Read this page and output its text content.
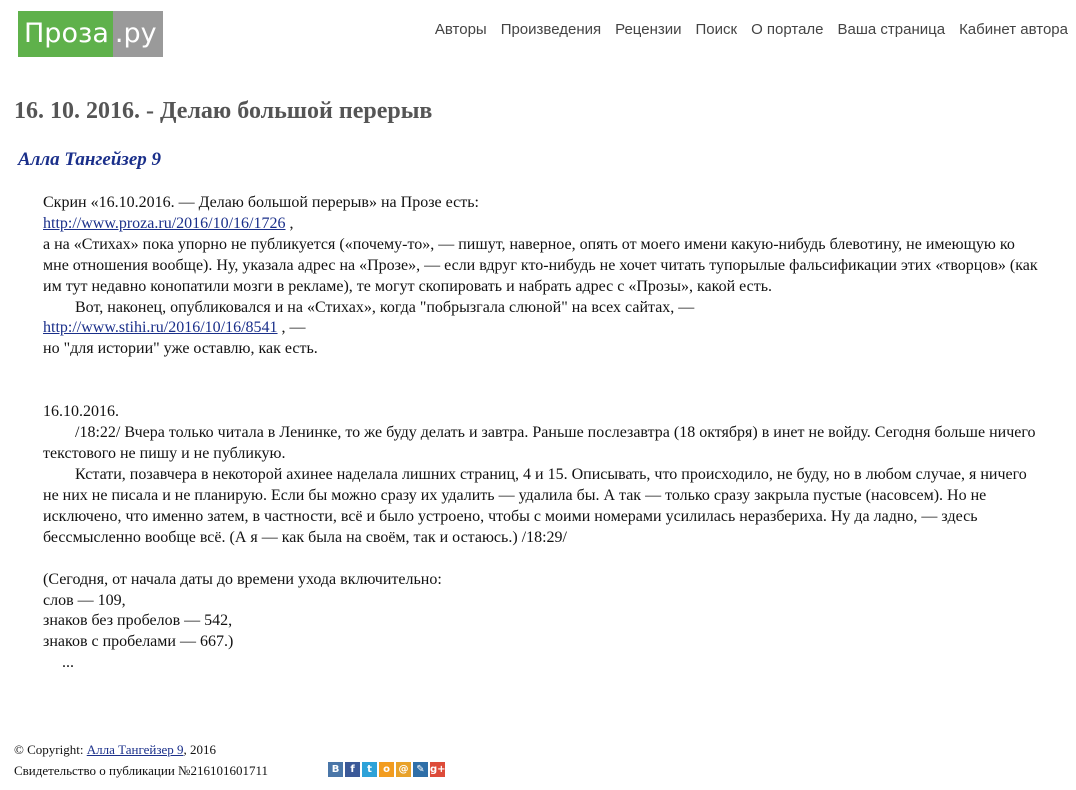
Проза .ру	Авторы Произведения Рецензии Поиск О портале Ваша страница Кабинет автора
16. 10. 2016. - Делаю большой перерыв
Алла Тангейзер 9

Скрин «16.10.2016. — Делаю большой перерыв» на Прозе есть:

http://www.proza.ru/2016/10/16/1726 ,

а на «Стихах» пока упорно не публикуется («почему-то», — пишут, наверное, опять от моего имени какую-нибудь блевотину, не имеющую ко мне отношения вообще). Ну, указала адрес на «Прозе», — если вдруг кто-нибудь не хочет читать тупорылые фальсификации этих «творцов» (как им тут недавно конопатили мозги в рекламе), те могут скопировать и набрать адрес с «Прозы», какой есть.

Вот, наконец, опубликовался и на «Стихах», когда "побрызгала слюной" на всех сайтах, —

http://www.stihi.ru/2016/10/16/8541 , —

но "для истории" уже оставлю, как есть.

16.10.2016.

/18:22/ Вчера только читала в Ленинке, то же буду делать и завтра. Раньше послезавтра (18 октября) в инет не войду. Сегодня больше ничего текстового не пишу и не публикую.

Кстати, позавчера в некоторой ахинее наделала лишних страниц, 4 и 15. Описывать, что происходило, не буду, но в любом случае, я ничего не них не писала и не планирую. Если бы можно сразу их удалить — удалила бы. А так — только сразу закрыла пустые (насовсем). Но не исключено, что именно затем, в частности, всё и было устроено, чтобы с моими номерами усилилась неразбериха. Ну да ладно, — здесь бессмысленно вообще всё. (А я — как была на своём, так и остаюсь.) /18:29/

(Сегодня, от начала даты до времени ухода включительно:

слов — 109,

знаков без пробелов — 542,

знаков с пробелами — 667.)

...

© Copyright: Алла Тангейзер 9, 2016
Свидетельство о публикации №216101601711	В	f	t	о @ ✎ g+
